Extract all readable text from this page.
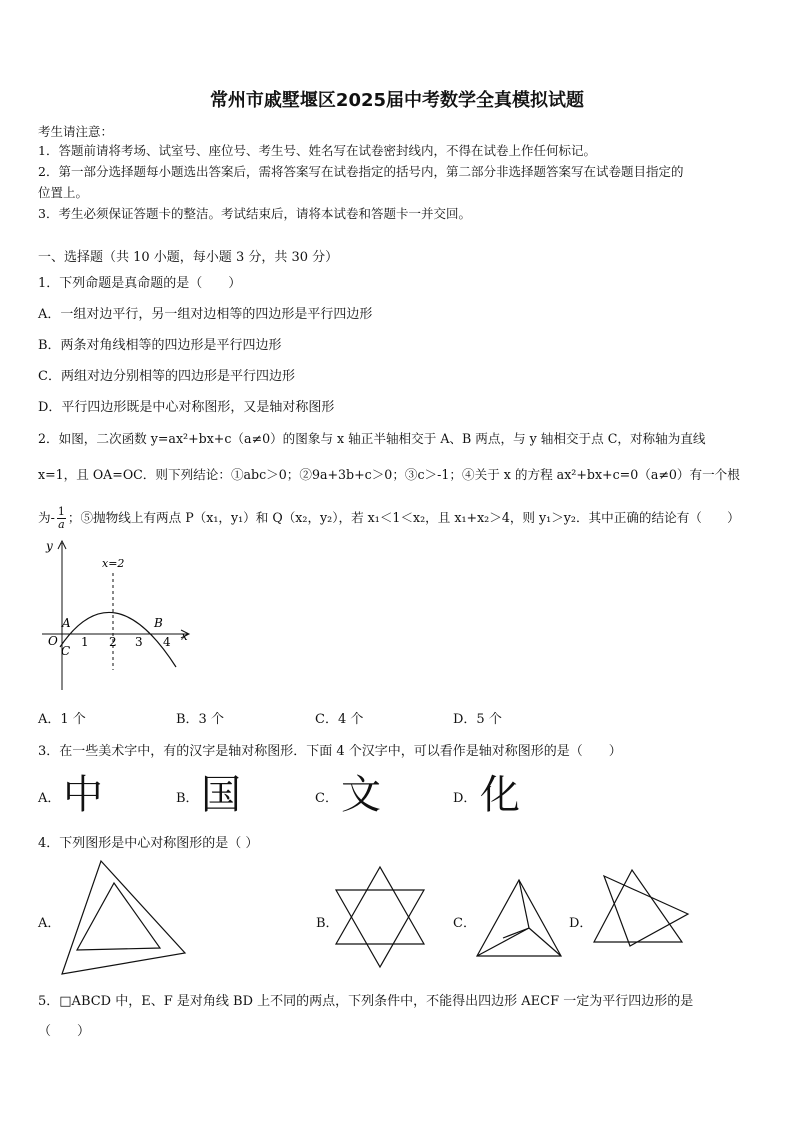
常州市戚墅堰区2025届中考数学全真模拟试题
考生请注意：
1．答题前请将考场、试室号、座位号、考生号、姓名写在试卷密封线内，不得在试卷上作任何标记。
2．第一部分选择题每小题选出答案后，需将答案写在试卷指定的括号内，第二部分非选择题答案写在试卷题目指定的
位置上。
3．考生必须保证答题卡的整洁。考试结束后，请将本试卷和答题卡一并交回。
一、选择题（共 10 小题，每小题 3 分，共 30 分）
1．下列命题是真命题的是（　　）
A．一组对边平行，另一组对边相等的四边形是平行四边形
B．两条对角线相等的四边形是平行四边形
C．两组对边分别相等的四边形是平行四边形
D．平行四边形既是中心对称图形，又是轴对称图形
2．如图，二次函数 y=ax²+bx+c（a≠0）的图象与 x 轴正半轴相交于 A、B 两点，与 y 轴相交于点 C，对称轴为直线
x=1，且 OA=OC．则下列结论：①abc＞0；②9a+3b+c＞0；③c＞-1；④关于 x 的方程 ax²+bx+c=0（a≠0）有一个根
为- $\frac{1}{a}$ ；⑤抛物线上有两点 P（x₁，y₁）和 Q（x₂，y₂），若 x₁＜1＜x₂，且 x₁+x₂＞4，则 y₁＞y₂．其中正确的结论有（　　）
y
x
x=2
O
A	B
C
1 2 3 4
A．1 个	B．3 个	C．4 个	D．5 个
3．在一些美术字中，有的汉字是轴对称图形．下面 4 个汉字中，可以看作是轴对称图形的是（　　）
A． 中	B． 国	C． 文	D． 化
4．下列图形是中心对称图形的是（ ）
A．	B．	C．	D．
5．□ABCD 中，E、F 是对角线 BD 上不同的两点，下列条件中，不能得出四边形 AECF 一定为平行四边形的是
（　　）
